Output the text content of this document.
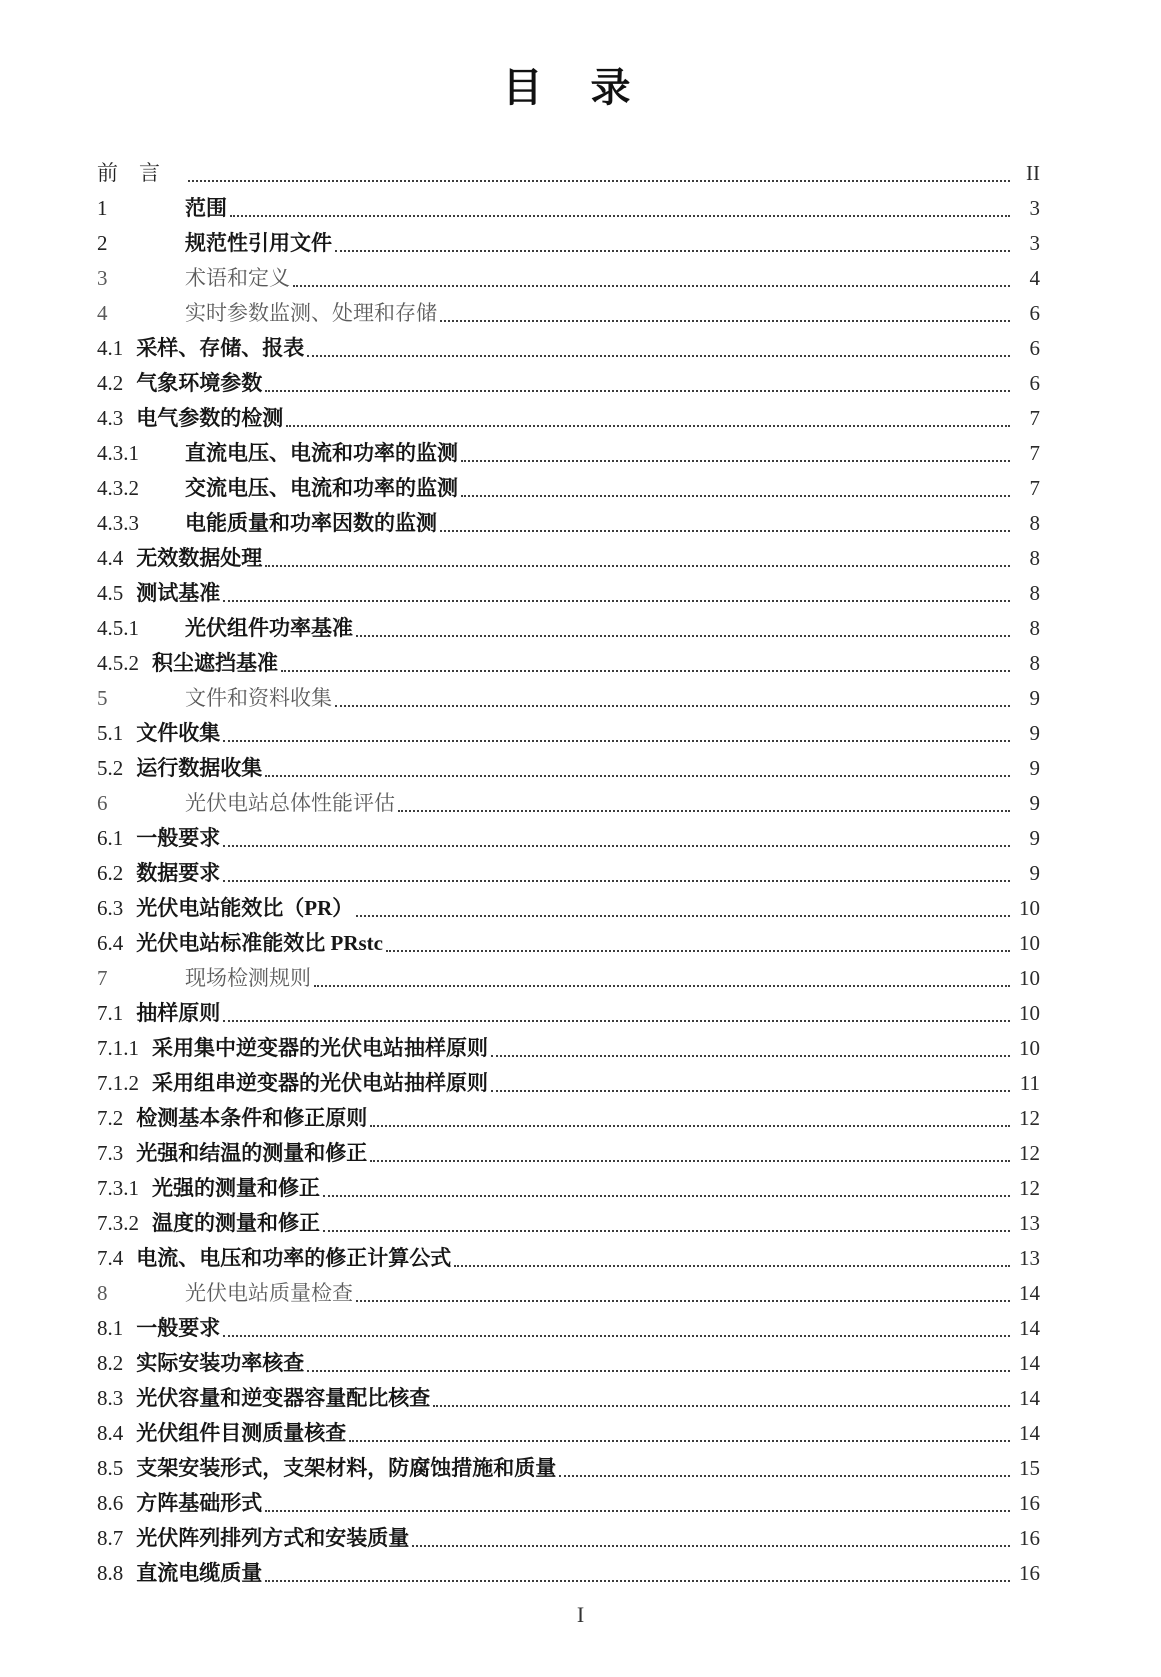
目　录
前　言	II
1	范围	3
2	规范性引用文件	3
3	术语和定义	4
4	实时参数监测、处理和存储	6
4.1 采样、存储、报表	6
4.2 气象环境参数	6
4.3 电气参数的检测	7
4.3.1	直流电压、电流和功率的监测	7
4.3.2	交流电压、电流和功率的监测	7
4.3.3	电能质量和功率因数的监测	8
4.4 无效数据处理	8
4.5 测试基准	8
4.5.1	光伏组件功率基准	8
4.5.2 积尘遮挡基准	8
5	文件和资料收集	9
5.1 文件收集	9
5.2 运行数据收集	9
6	光伏电站总体性能评估	9
6.1 一般要求	9
6.2 数据要求	9
6.3 光伏电站能效比（PR）	10
6.4 光伏电站标准能效比 PRstc	10
7	现场检测规则	10
7.1 抽样原则	10
7.1.1 采用集中逆变器的光伏电站抽样原则	10
7.1.2 采用组串逆变器的光伏电站抽样原则	11
7.2 检测基本条件和修正原则	12
7.3 光强和结温的测量和修正	12
7.3.1 光强的测量和修正	12
7.3.2 温度的测量和修正	13
7.4 电流、电压和功率的修正计算公式	13
8	光伏电站质量检查	14
8.1 一般要求	14
8.2 实际安装功率核查	14
8.3 光伏容量和逆变器容量配比核查	14
8.4 光伏组件目测质量核查	14
8.5 支架安装形式，支架材料，防腐蚀措施和质量	15
8.6 方阵基础形式	16
8.7 光伏阵列排列方式和安装质量	16
8.8 直流电缆质量	16
I
